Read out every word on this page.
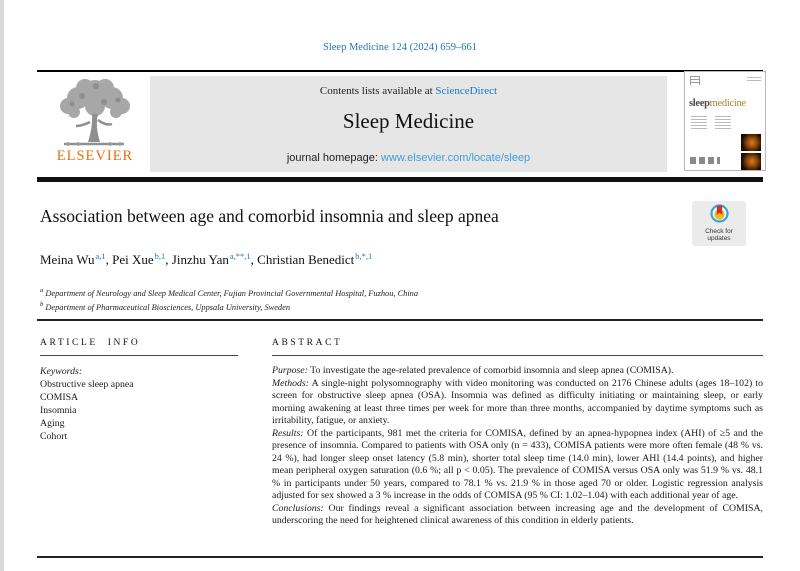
Sleep Medicine 124 (2024) 659–661
ELSEVIER
Contents lists available at ScienceDirect
Sleep Medicine
journal homepage: www.elsevier.com/locate/sleep
sleepmedicine
Association between age and comorbid insomnia and sleep apnea
Check for
updates
Meina Wu$^{a,1}$, Pei Xue$^{b,1}$, Jinzhu Yan$^{a,**,1}$, Christian Benedict$^{b,*,1}$
$^a$ Department of Neurology and Sleep Medical Center, Fujian Provincial Governmental Hospital, Fuzhou, China
$^b$ Department of Pharmaceutical Biosciences, Uppsala University, Sweden
ARTICLE INFO
Keywords:
Obstructive sleep apnea
COMISA
Insomnia
Aging
Cohort
ABSTRACT

Purpose: To investigate the age-related prevalence of comorbid insomnia and sleep apnea (COMISA).

Methods: A single-night polysomnography with video monitoring was conducted on 2176 Chinese adults (ages 18–102) to screen for obstructive sleep apnea (OSA). Insomnia was defined as difficulty initiating or maintaining sleep, or early morning awakening at least three times per week for more than three months, accompanied by daytime symptoms such as irritability, fatigue, or anxiety.

Results: Of the participants, 981 met the criteria for COMISA, defined by an apnea-hypopnea index (AHI) of ≥5 and the presence of insomnia. Compared to patients with OSA only (n = 433), COMISA patients were more often female (48 % vs. 24 %), had longer sleep onset latency (5.8 min), shorter total sleep time (14.0 min), lower AHI (14.4 points), and higher mean peripheral oxygen saturation (0.6 %; all p < 0.05). The prevalence of COMISA versus OSA only was 51.9 % vs. 48.1 % in participants under 50 years, compared to 78.1 % vs. 21.9 % in those aged 70 or older. Logistic regression analysis adjusted for sex showed a 3 % increase in the odds of COMISA (95 % CI: 1.02–1.04) with each additional year of age.

Conclusions: Our findings reveal a significant association between increasing age and the development of COMISA, underscoring the need for heightened clinical awareness of this condition in elderly patients.
